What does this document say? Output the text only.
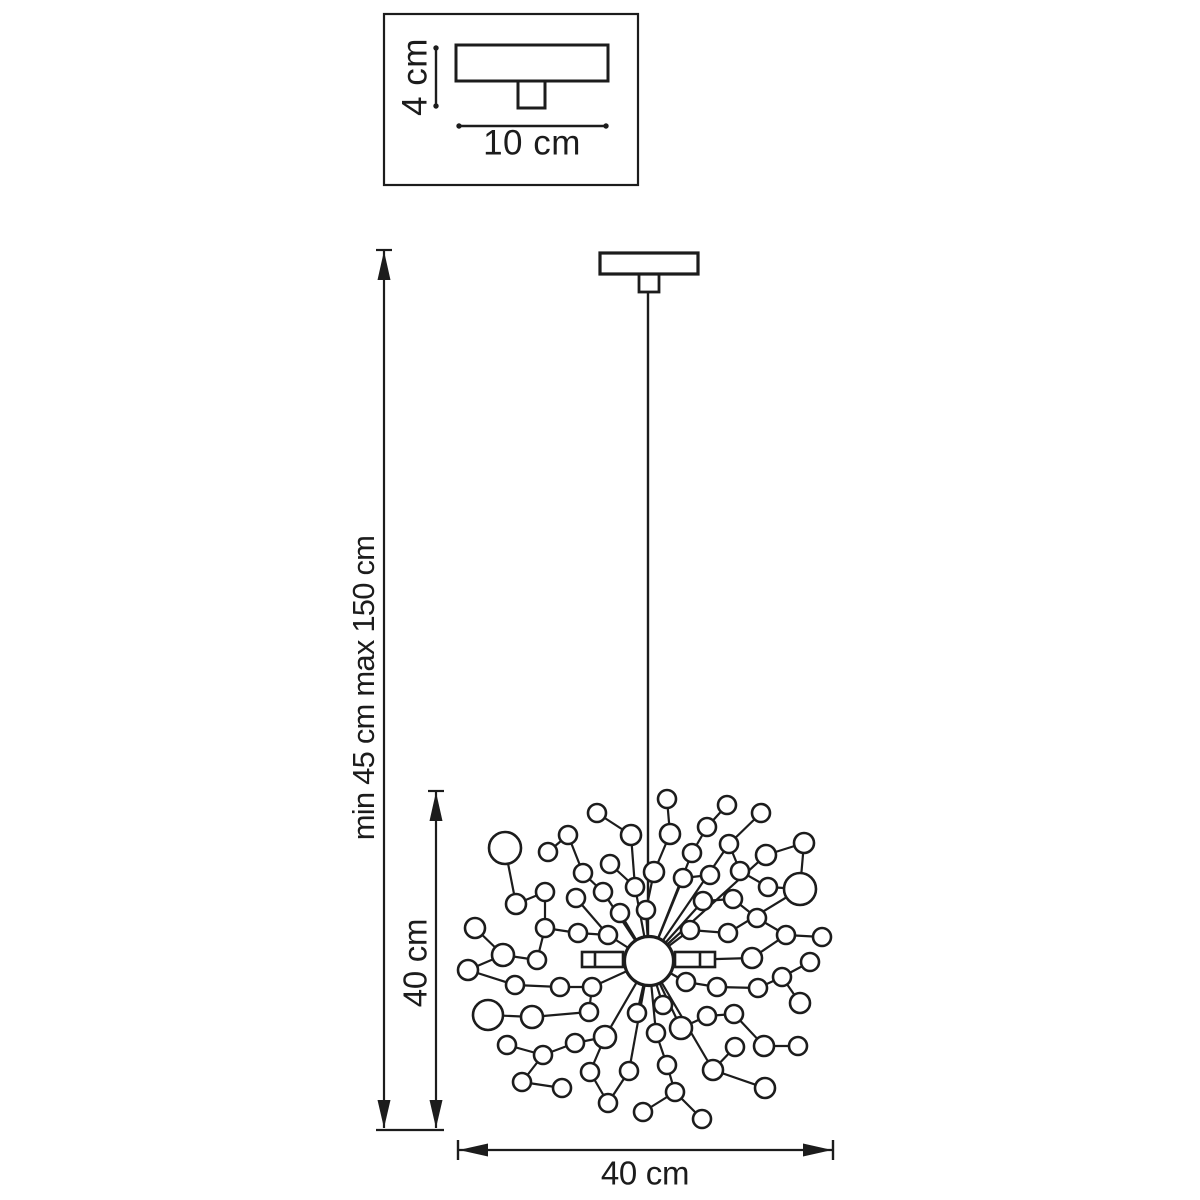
4 cm
10 cm
min 45 cm max 150 cm
40 cm
40 cm
